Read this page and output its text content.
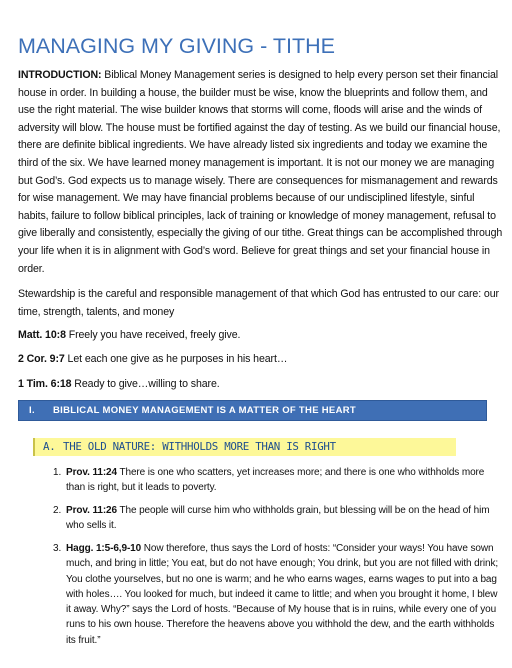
MANAGING MY GIVING - TITHE

INTRODUCTION: Biblical Money Management series is designed to help every person set their financial house in order. In building a house, the builder must be wise, know the blueprints and follow them, and use the right material. The wise builder knows that storms will come, floods will arise and the winds of adversity will blow. The house must be fortified against the day of testing. As we build our financial house, there are definite biblical ingredients. We have already listed six ingredients and today we examine the third of the six. We have learned money management is important. It is not our money we are managing but God’s. God expects us to manage wisely. There are consequences for mismanagement and rewards for wise management. We may have financial problems because of our undisciplined lifestyle, sinful habits, failure to follow biblical principles, lack of training or knowledge of money management, refusal to give liberally and consistently, especially the giving of our tithe. Great things can be accomplished through your life when it is in alignment with God’s word. Believe for great things and set your financial house in order.

Stewardship is the careful and responsible management of that which God has entrusted to our care: our time, strength, talents, and money

Matt. 10:8 Freely you have received, freely give.

2 Cor. 9:7 Let each one give as he purposes in his heart…

1 Tim. 6:18 Ready to give…willing to share.

I. BIBLICAL MONEY MANAGEMENT IS A MATTER OF THE HEART
A. THE OLD NATURE: WITHHOLDS MORE THAN IS RIGHT
1. Prov. 11:24 There is one who scatters, yet increases more; and there is one who withholds more than is right, but it leads to poverty.
2. Prov. 11:26 The people will curse him who withholds grain, but blessing will be on the head of him who sells it.
3. Hagg. 1:5-6,9-10 Now therefore, thus says the Lord of hosts: “Consider your ways! You have sown much, and bring in little; You eat, but do not have enough; You drink, but you are not filled with drink; You clothe yourselves, but no one is warm; and he who earns wages, earns wages to put into a bag with holes…. You looked for much, but indeed it came to little; and when you brought it home, I blew it away. Why?” says the Lord of hosts. “Because of My house that is in ruins, while every one of you runs to his own house. Therefore the heavens above you withhold the dew, and the earth withholds its fruit.”
